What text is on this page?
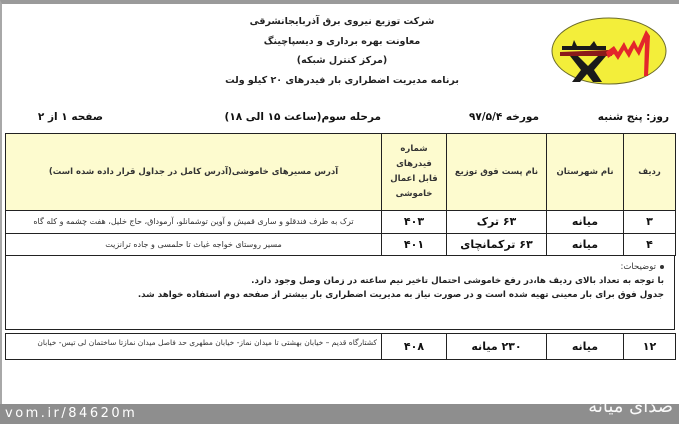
شرکت توزیع نیروی برق آذربایجانشرقی
معاونت بهره برداری و دیسپاچینگ
(مرکز کنترل شبکه)
برنامه مدیریت اضطراری بار فیدرهای ۲۰ کیلو ولت
روز: پنج شنبه
مورخه ۹۷/۵/۴
مرحله سوم(ساعت ۱۵ الی ۱۸)
صفحه ۱ از ۲
ردیف	نام شهرستان	نام پست فوق توزیع	شماره فیدرهای قابل اعمال خاموشی	آدرس مسیرهای خاموشی(آدرس کامل در جداول قرار داده شده است)
۳	میانه	۶۳ ترک	۴۰۳	ترک به طرف فندقلو و ساری قمیش و آوین توشمانلو، آرموداق، حاج خلیل، هفت چشمه و کله گاه
۴	میانه	۶۳ ترکمانچای	۴۰۱	مسیر روستای خواجه غیاث تا حلمسی و جاده ترانزیت
توضیحات:

با توجه به تعداد بالای ردیف ها،در رفع خاموشی احتمال تاخیر نیم ساعته در زمان وصل وجود دارد.

جدول فوق برای بار معینی تهیه شده است و در صورت نیاز به مدیریت اضطراری بار بیشتر از صفحه دوم استفاده خواهد شد.

۱۲	میانه	۲۳۰ میانه	۴۰۸	کشتارگاه قدیم – خیابان بهشتی تا میدان نماز- خیابان مطهری حد فاصل میدان نمازتا ساختمان لی تیس- خیابان
vom.ir/84620m	صدای میانه
